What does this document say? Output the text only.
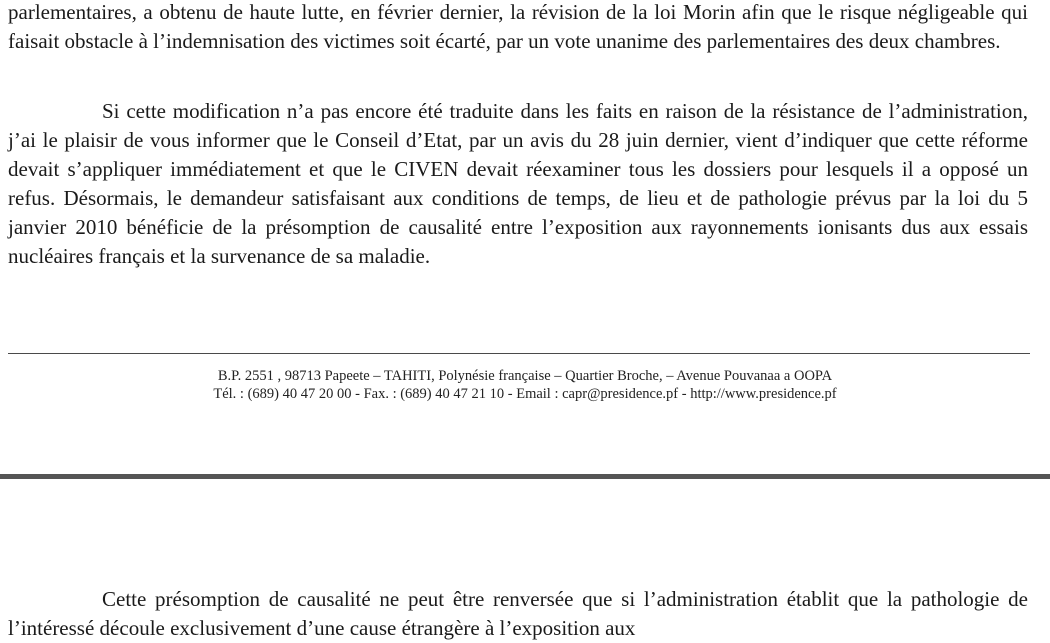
parlementaires, a obtenu de haute lutte, en février dernier, la révision de la loi Morin afin que le risque négligeable qui faisait obstacle à l’indemnisation des victimes soit écarté, par un vote unanime des parlementaires des deux chambres.

Si cette modification n’a pas encore été traduite dans les faits en raison de la résistance de l’administration, j’ai le plaisir de vous informer que le Conseil d’Etat, par un avis du 28 juin dernier, vient d’indiquer que cette réforme devait s’appliquer immédiatement et que le CIVEN devait réexaminer tous les dossiers pour lesquels il a opposé un refus. Désormais, le demandeur satisfaisant aux conditions de temps, de lieu et de pathologie prévus par la loi du 5 janvier 2010 bénéficie de la présomption de causalité entre l’exposition aux rayonnements ionisants dus aux essais nucléaires français et la survenance de sa maladie.

B.P. 2551 , 98713 Papeete – TAHITI, Polynésie française – Quartier Broche, – Avenue Pouvanaa a OOPA

Tél. : (689) 40 47 20 00 - Fax. : (689) 40 47 21 10 - Email : capr@presidence.pf - http://www.presidence.pf

Cette présomption de causalité ne peut être renversée que si l’administration établit que la pathologie de l’intéressé découle exclusivement d’une cause étrangère à l’exposition aux
